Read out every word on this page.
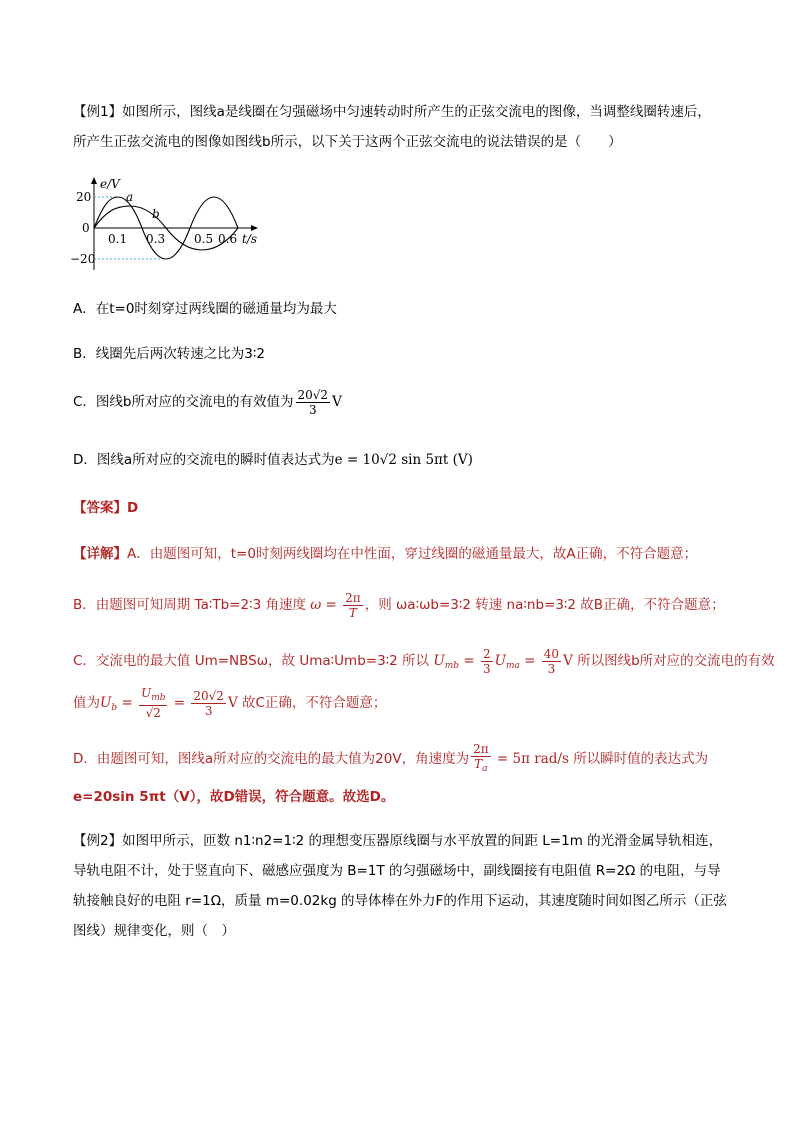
【例1】如图所示，图线a是线圈在匀强磁场中匀速转动时所产生的正弦交流电的图像，当调整线圈转速后，
所产生正弦交流电的图像如图线b所示，以下关于这两个正弦交流电的说法错误的是（　　）
e/V
a
b
20
0
−20
0.1 0.3 0.5 0.6 t/s
A．在t=0时刻穿过两线圈的磁通量均为最大
B．线圈先后两次转速之比为3∶2
C．图线b所对应的交流电的有效值为 $\frac{20√2}{3}$ V
D．图线a所对应的交流电的瞬时值表达式为e = 10√2 sin 5πt (V)
【答案】D
【详解】A．由题图可知，t=0时刻两线圈均在中性面，穿过线圈的磁通量最大，故A正确，不符合题意；
B．由题图可知周期 Ta∶Tb=2∶3 角速度 $\omega = \frac{2\pi}{T}$ ，则 ωa∶ωb=3∶2 转速 na∶nb=3∶2 故B正确，不符合题意；
C．交流电的最大值 Um=NBSω，故 Uma∶Umb=3∶2 所以 $U_{mb} = \frac{2}{3} U_{ma} = \frac{40}{3}$ V 所以图线b所对应的交流电的有效
值为$U_b = \frac{U_{mb}}{√2} = \frac{20√2}{3}$ V 故C正确，不符合题意；
D．由题图可知，图线a所对应的交流电的最大值为20V，角速度为 $\frac{2\pi}{T_a} = 5\pi$ rad/s 所以瞬时值的表达式为
e=20sin 5πt（V），故D错误，符合题意。故选D。
【例2】如图甲所示，匝数 n1∶n2=1∶2 的理想变压器原线圈与水平放置的间距 L=1m 的光滑金属导轨相连，
导轨电阻不计，处于竖直向下、磁感应强度为 B=1T 的匀强磁场中，副线圈接有电阻值 R=2Ω 的电阻，与导
轨接触良好的电阻 r=1Ω，质量 m=0.02kg 的导体棒在外力F的作用下运动，其速度随时间如图乙所示（正弦
图线）规律变化，则（　）
